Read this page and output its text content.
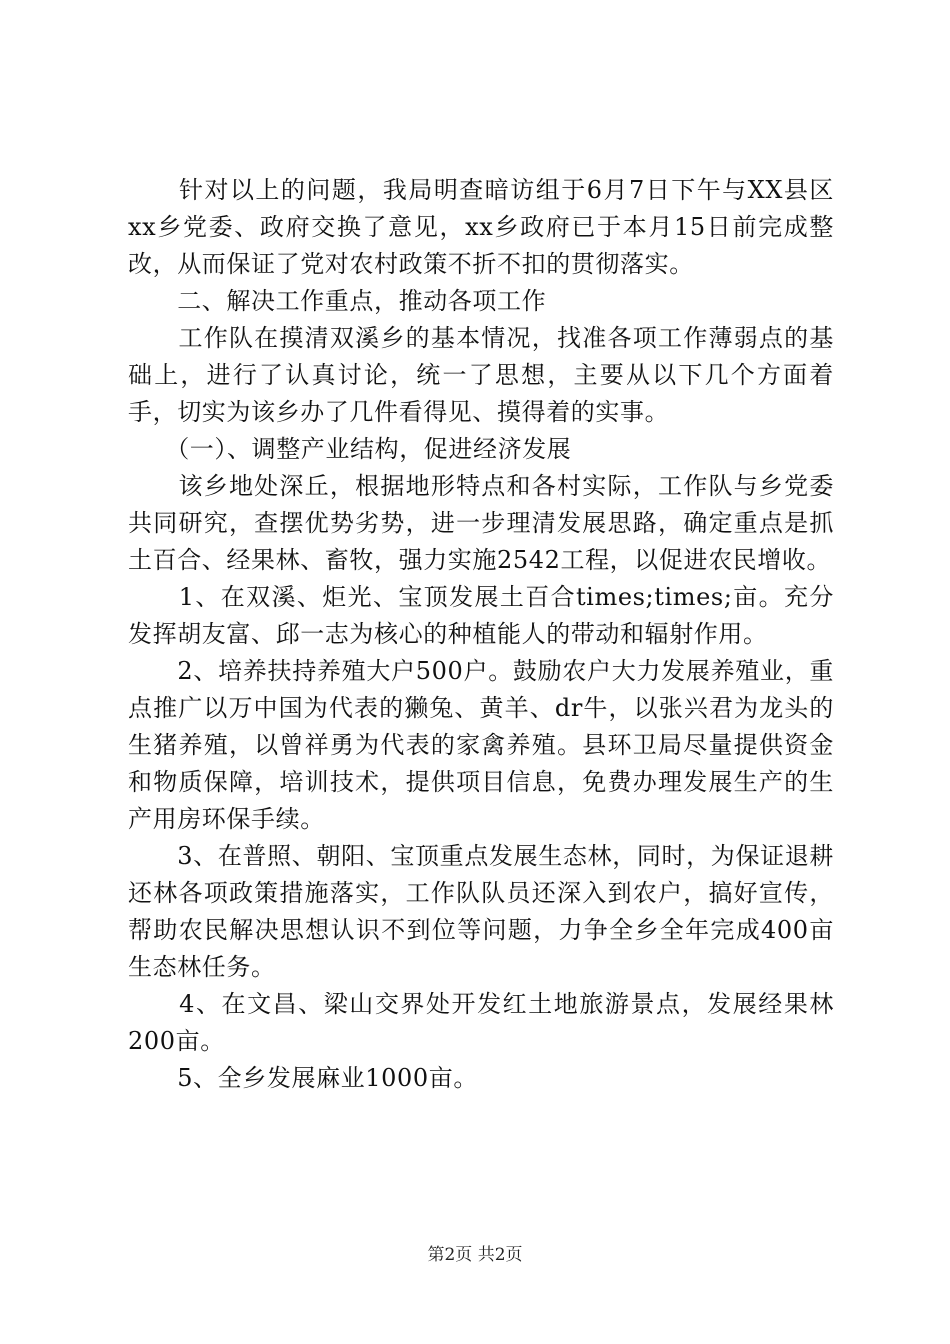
　　针对以上的问题，我局明查暗访组于6月7日下午与XX县区xx乡党委、政府交换了意见，xx乡政府已于本月15日前完成整改，从而保证了党对农村政策不折不扣的贯彻落实。

　　二、解决工作重点，推动各项工作

　　工作队在摸清双溪乡的基本情况，找准各项工作薄弱点的基础上，进行了认真讨论，统一了思想，主要从以下几个方面着手，切实为该乡办了几件看得见、摸得着的实事。

　　（一）、调整产业结构，促进经济发展

　　该乡地处深丘，根据地形特点和各村实际，工作队与乡党委共同研究，查摆优势劣势，进一步理清发展思路，确定重点是抓土百合、经果林、畜牧，强力实施2542工程，以促进农民增收。

　　1、在双溪、炬光、宝顶发展土百合times;times;亩。充分发挥胡友富、邱一志为核心的种植能人的带动和辐射作用。

　　2、培养扶持养殖大户500户。鼓励农户大力发展养殖业，重点推广以万中国为代表的獭兔、黄羊、dr牛，以张兴君为龙头的生猪养殖，以曾祥勇为代表的家禽养殖。县环卫局尽量提供资金和物质保障，培训技术，提供项目信息，免费办理发展生产的生产用房环保手续。

　　3、在普照、朝阳、宝顶重点发展生态林，同时，为保证退耕还林各项政策措施落实，工作队队员还深入到农户，搞好宣传，帮助农民解决思想认识不到位等问题，力争全乡全年完成400亩生态林任务。

　　4、在文昌、梁山交界处开发红土地旅游景点，发展经果林200亩。

　　5、全乡发展麻业1000亩。

第2页 共2页
